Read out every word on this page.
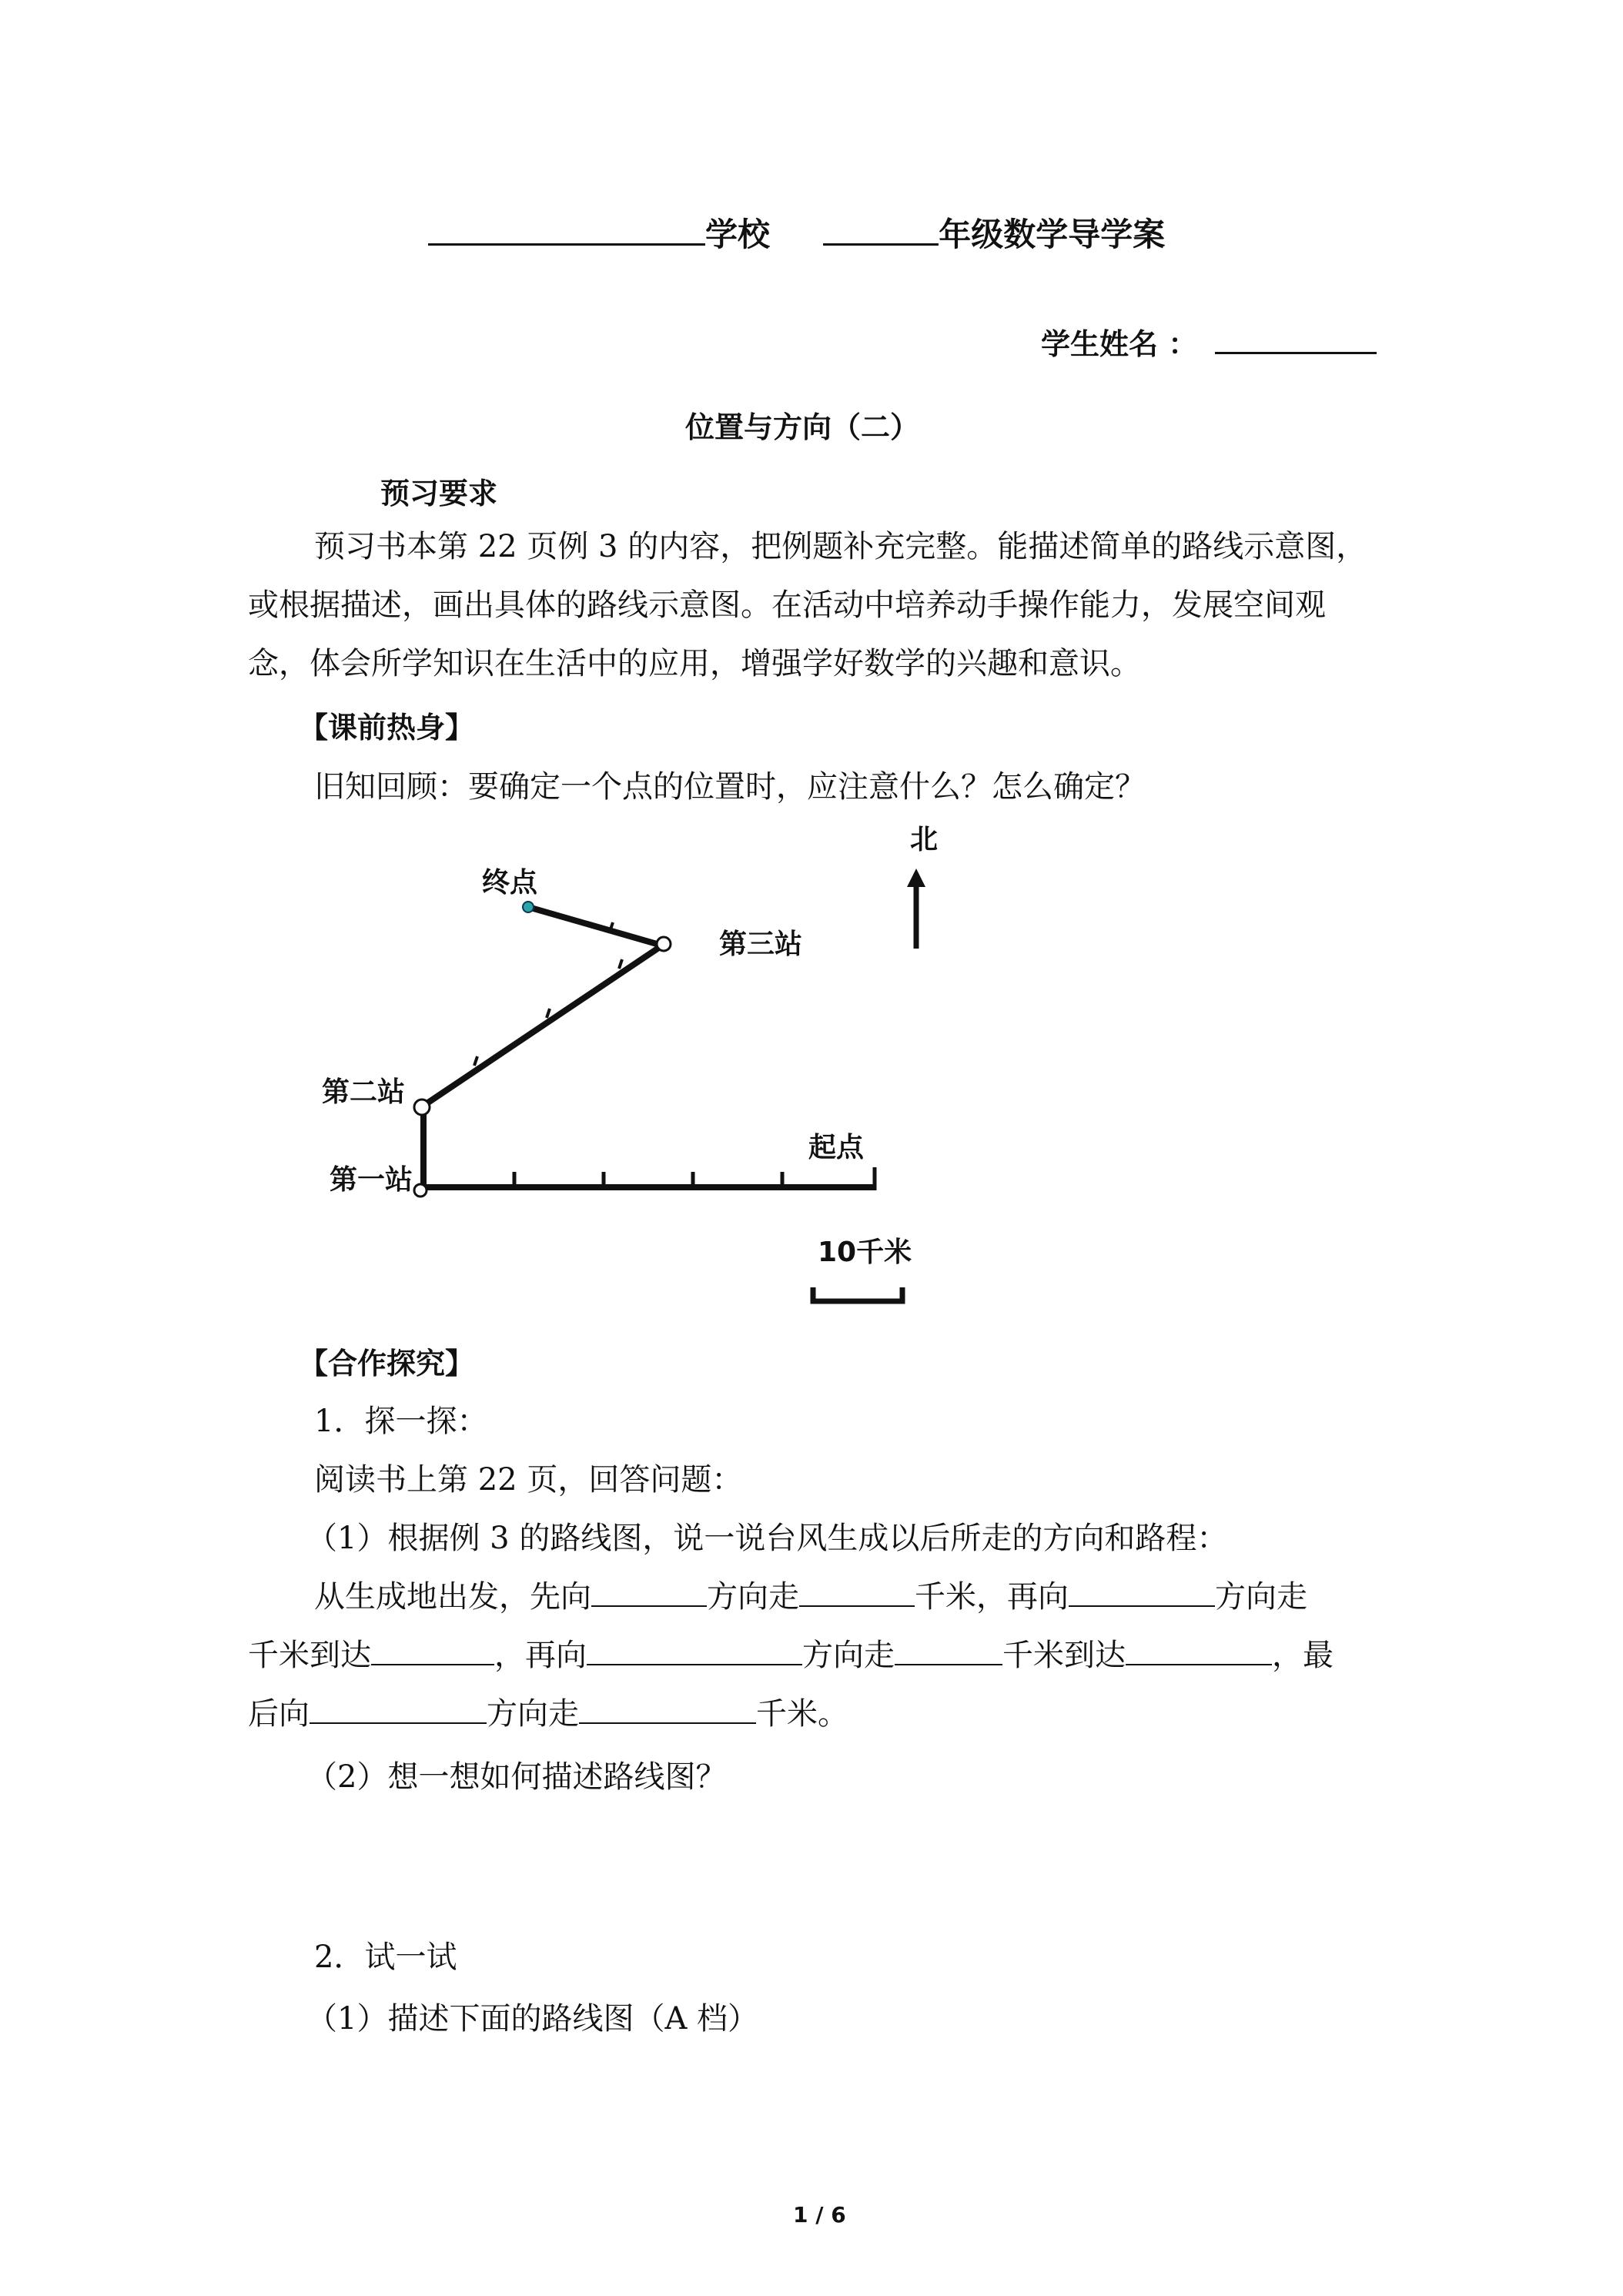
学校	年级数学导学案
学生姓名 ：
位置与方向（二）
预习要求
预习书本第 22 页例 3 的内容，把例题补充完整。能描述简单的路线示意图，
或根据描述，画出具体的路线示意图。在活动中培养动手操作能力，发展空间观
念，体会所学知识在生活中的应用，增强学好数学的兴趣和意识。
【课前热身】
旧知回顾：要确定一个点的位置时，应注意什么？怎么确定？
北
终点
第三站
第二站
第一站
起点
10千米
【合作探究】
1．探一探：
阅读书上第 22 页，回答问题：
（1）根据例 3 的路线图，说一说台风生成以后所走的方向和路程：
从生成地出发，先向	方向走	千米，再向	方向走
千米到达	，再向	方向走	千米到达	，最
后向	方向走	千米。
（2）想一想如何描述路线图？
2．试一试
（1）描述下面的路线图（A 档）
1 / 6
